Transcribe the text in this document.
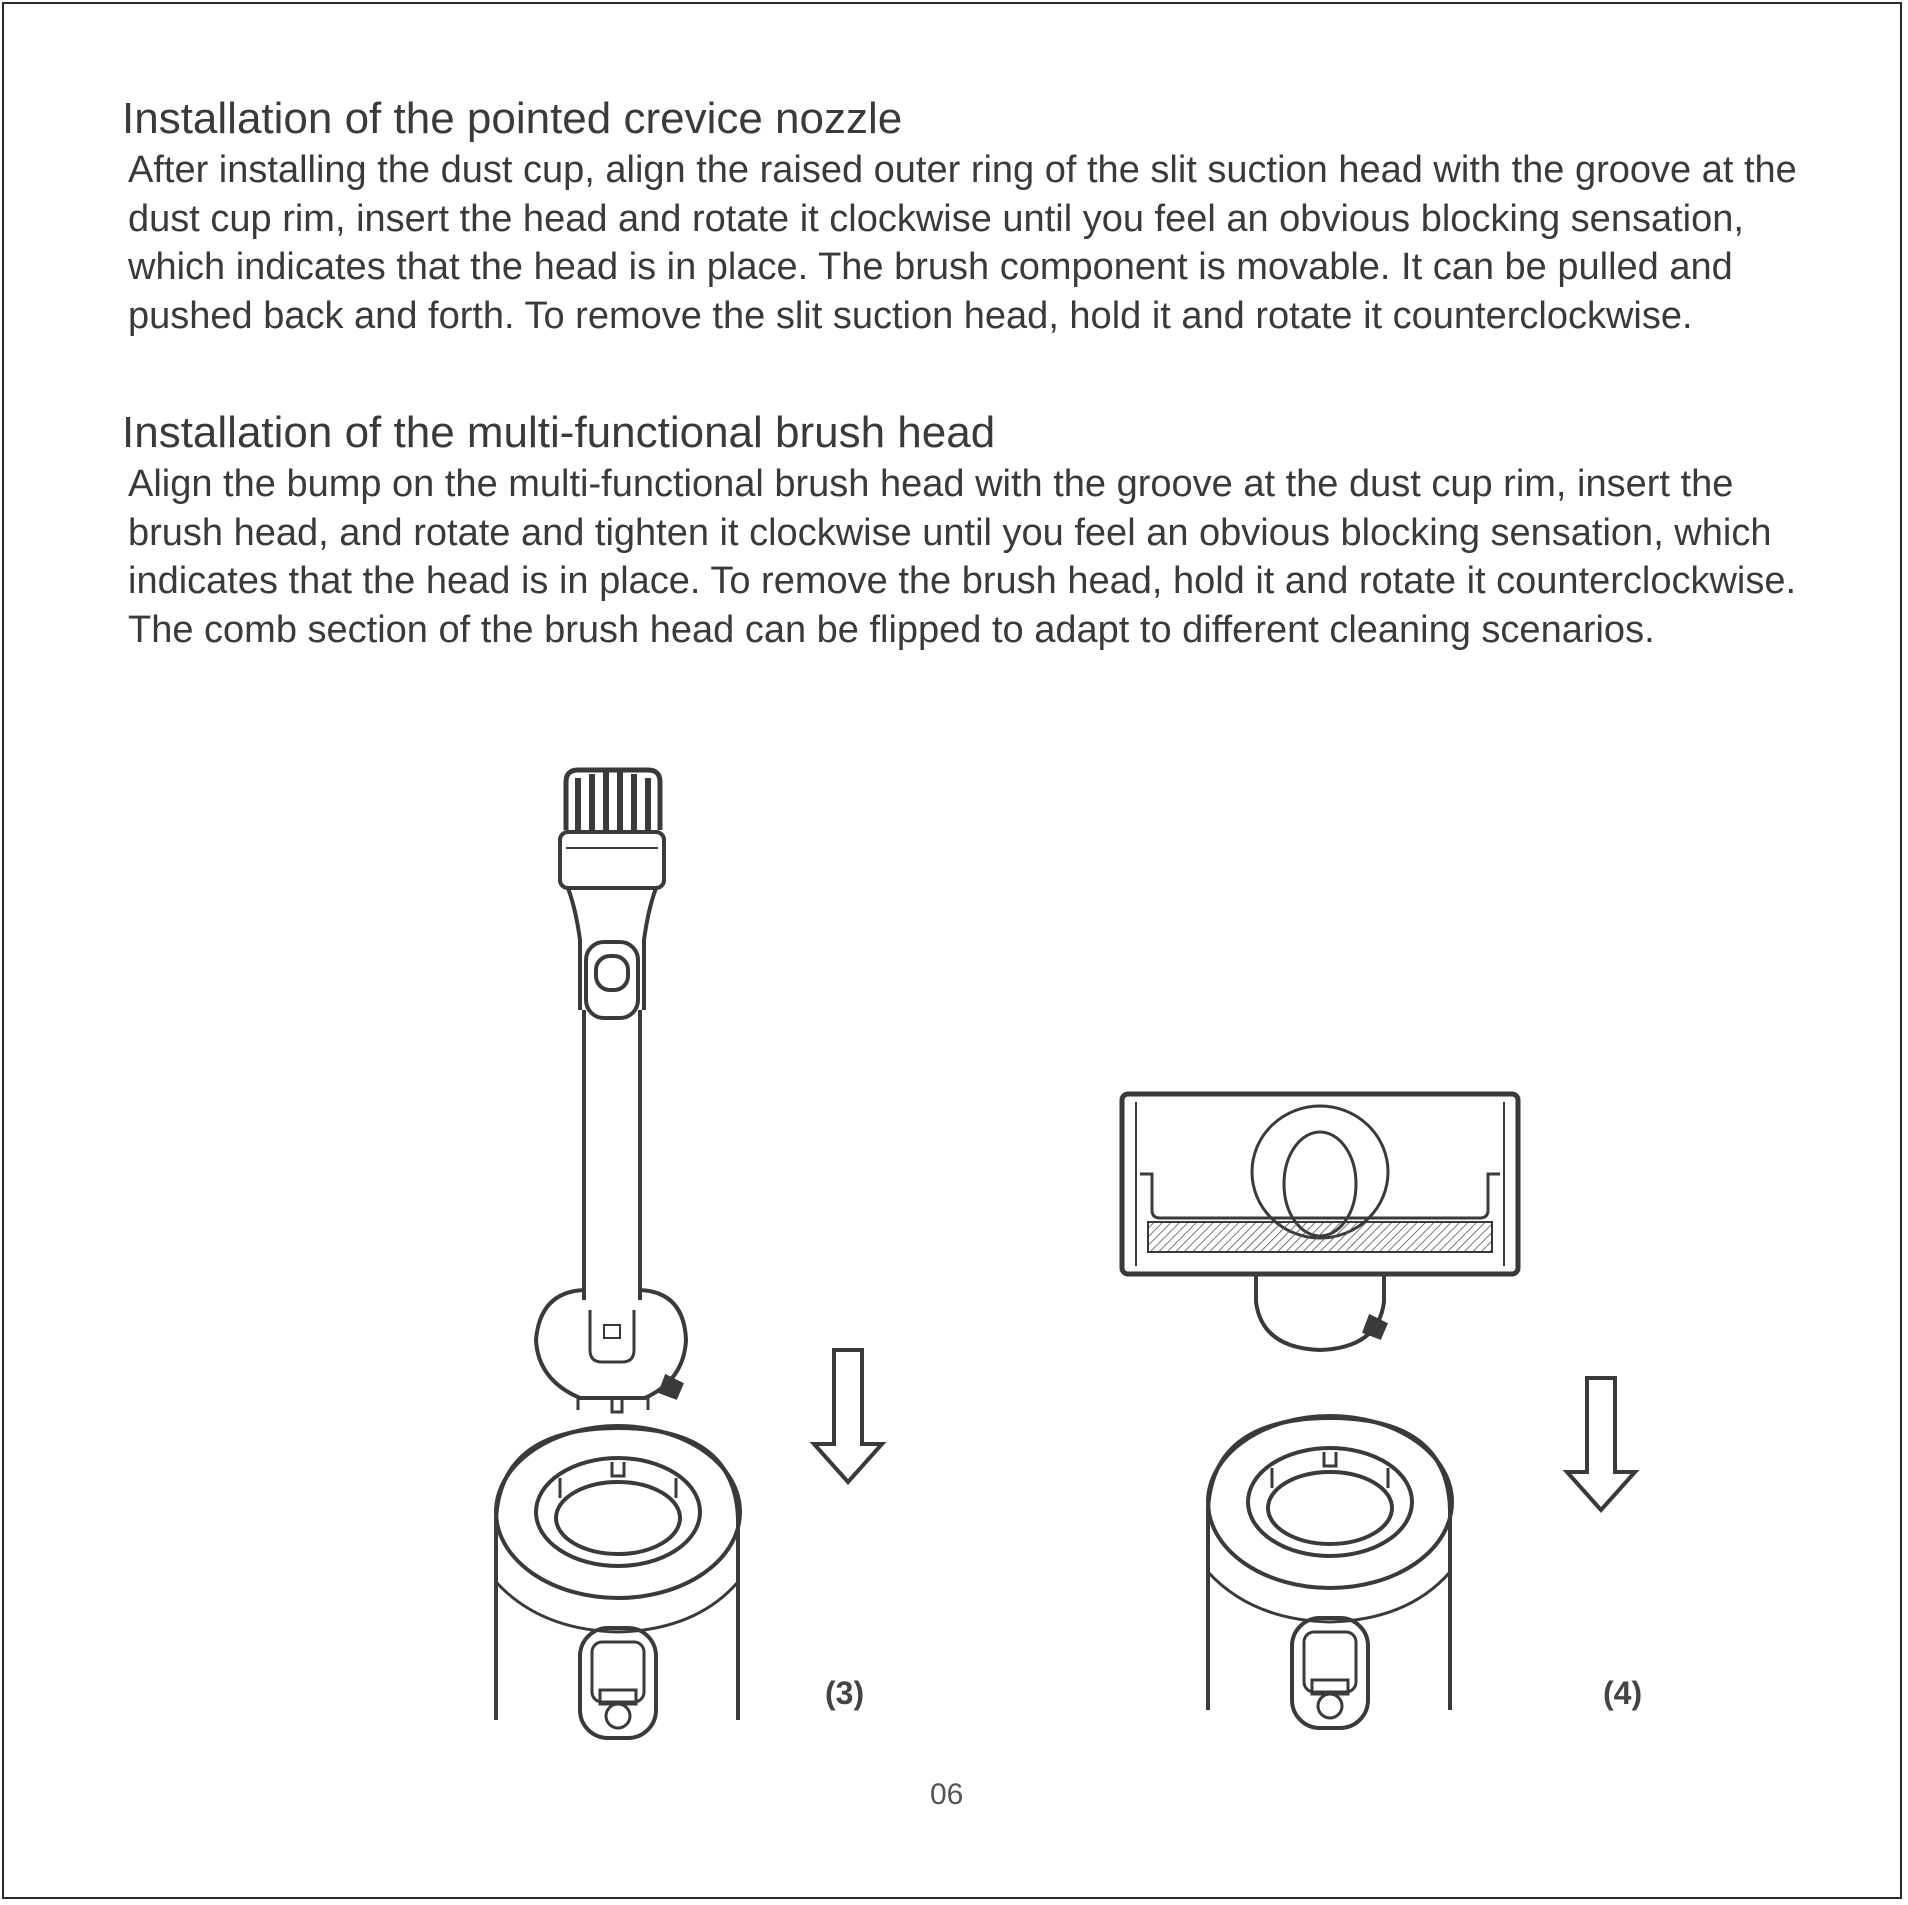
Installation of the pointed crevice nozzle

After installing the dust cup, align the raised outer ring of the slit suction head with the groove at the dust cup rim, insert the head and rotate it clockwise until you feel an obvious blocking sensation, which indicates that the head is in place. The brush component is movable. It can be pulled and pushed back and forth. To remove the slit suction head, hold it and rotate it counterclockwise.

Installation of the multi-functional brush head

Align the bump on the multi-functional brush head with the groove at the dust cup rim, insert the brush head, and rotate and tighten it clockwise until you feel an obvious blocking sensation, which indicates that the head is in place. To remove the brush head, hold it and rotate it counterclockwise.

The comb section of the brush head can be flipped to adapt to different cleaning scenarios.

(3)	(4)
06
